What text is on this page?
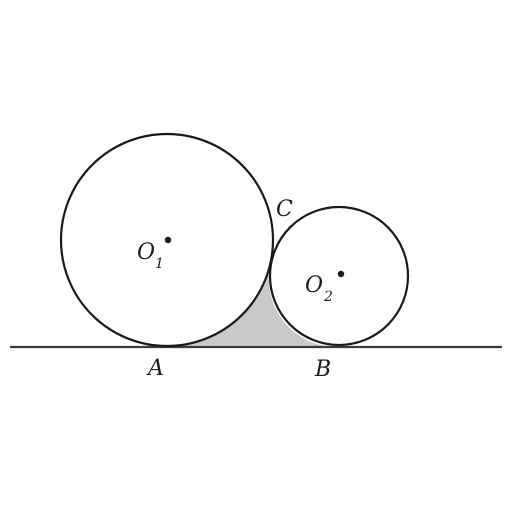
C
O 1
O 2
A	B
